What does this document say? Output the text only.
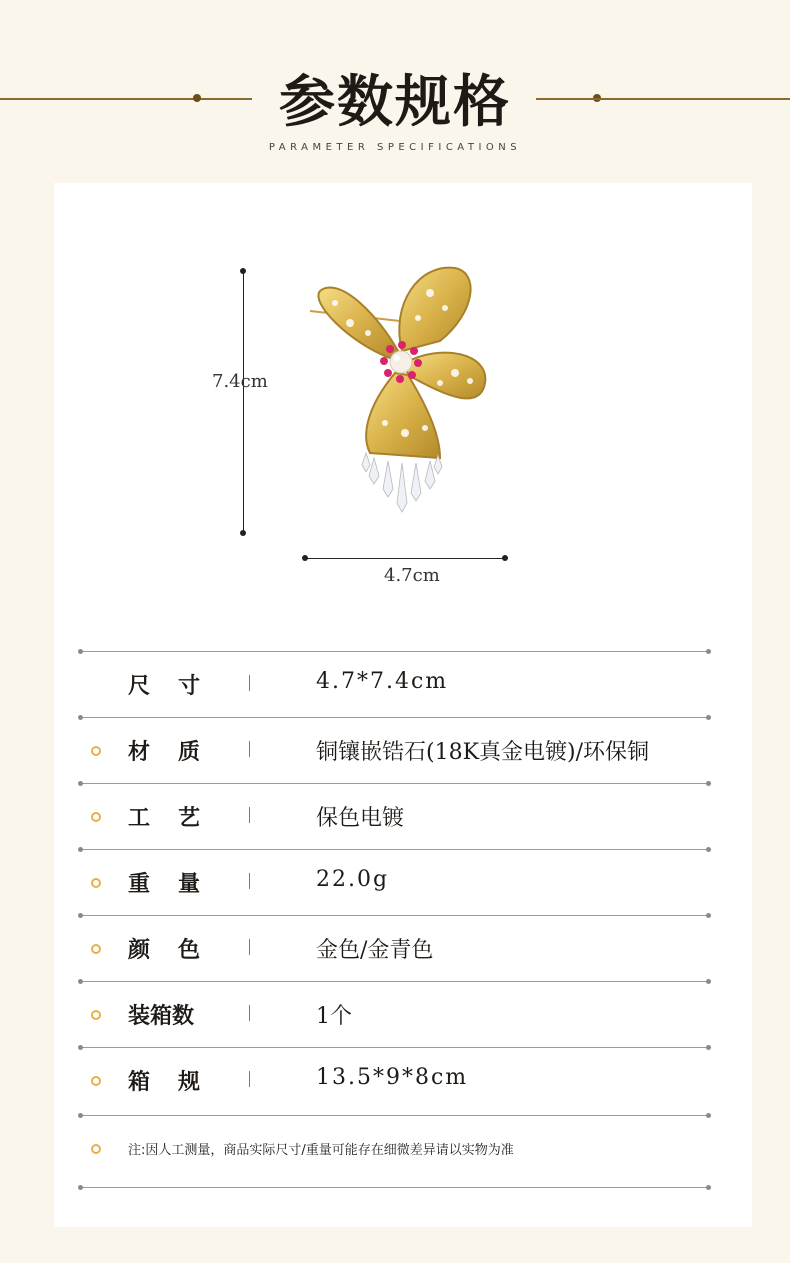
参数规格
PARAMETER SPECIFICATIONS
7.4cm
4.7cm
尺寸	4.7*7.4cm
材质	铜镶嵌锆石(18K真金电镀)/环保铜
工艺	保色电镀
重量	22.0g
颜色	金色/金青色
装箱数	1个
箱规	13.5*9*8cm
注:因人工测量，商品实际尺寸/重量可能存在细微差异请以实物为准
